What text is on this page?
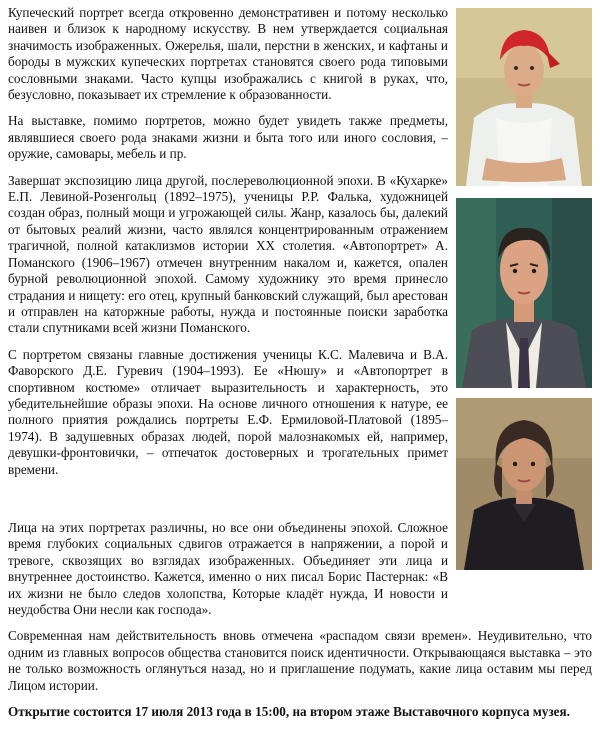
Купеческий портрет всегда откровенно демонстративен и потому несколько наивен и близок к народному искусству. В нем утверждается социальная значимость изображенных. Ожерелья, шали, перстни в женских, и кафтаны и бороды в мужских купеческих портретах становятся своего рода типовыми сословными знаками. Часто купцы изображались с книгой в руках, что, безусловно, показывает их стремление к образованности.

На выставке, помимо портретов, можно будет увидеть также предметы, являвшиеся своего рода знаками жизни и быта того или иного сословия, – оружие, самовары, мебель и пр.

Завершат экспозицию лица другой, послереволюционной эпохи. В «Кухарке» Е.П. Левиной-Розенгольц (1892–1975), ученицы Р.Р. Фалька, художницей создан образ, полный мощи и угрожающей силы. Жанр, казалось бы, далекий от бытовых реалий жизни, часто являлся концентрированным отражением трагичной, полной катаклизмов истории ХХ столетия. «Автопортрет» А. Поманского (1906–1967) отмечен внутренним накалом и, кажется, опален бурной революционной эпохой. Самому художнику это время принесло страдания и нищету: его отец, крупный банковский служащий, был арестован и отправлен на каторжные работы, нужда и постоянные поиски заработка стали спутниками всей жизни Поманского.

С портретом связаны главные достижения ученицы К.С. Малевича и В.А. Фаворского Д.Е. Гуревич (1904–1993). Ее «Нюшу» и «Автопортрет в спортивном костюме» отличает выразительность и характерность, это убедительнейшие образы эпохи. На основе личного отношения к натуре, ее полного приятия рождались портреты Е.Ф. Ермиловой-Платовой (1895–1974). В задушевных образах людей, порой малознакомых ей, например, девушки-фронтовички, – отпечаток достоверных и трогательных примет времени.

Лица на этих портретах различны, но все они объединены эпохой. Сложное время глубоких социальных сдвигов отражается в напряжении, а порой и тревоге, сквозящих во взглядах изображенных. Объединяет эти лица и внутреннее достоинство. Кажется, именно о них писал Борис Пастернак: «В их жизни не было следов холопства, Которые кладёт нужда, И новости и неудобства Они несли как господа».

Современная нам действительность вновь отмечена «распадом связи времен». Неудивительно, что одним из главных вопросов общества становится поиск идентичности. Открывающаяся выставка – это не только возможность оглянуться назад, но и приглашение подумать, какие лица оставим мы перед Лицом истории.

Открытие состоится 17 июля 2013 года в 15:00, на втором этаже Выставочного корпуса музея.
